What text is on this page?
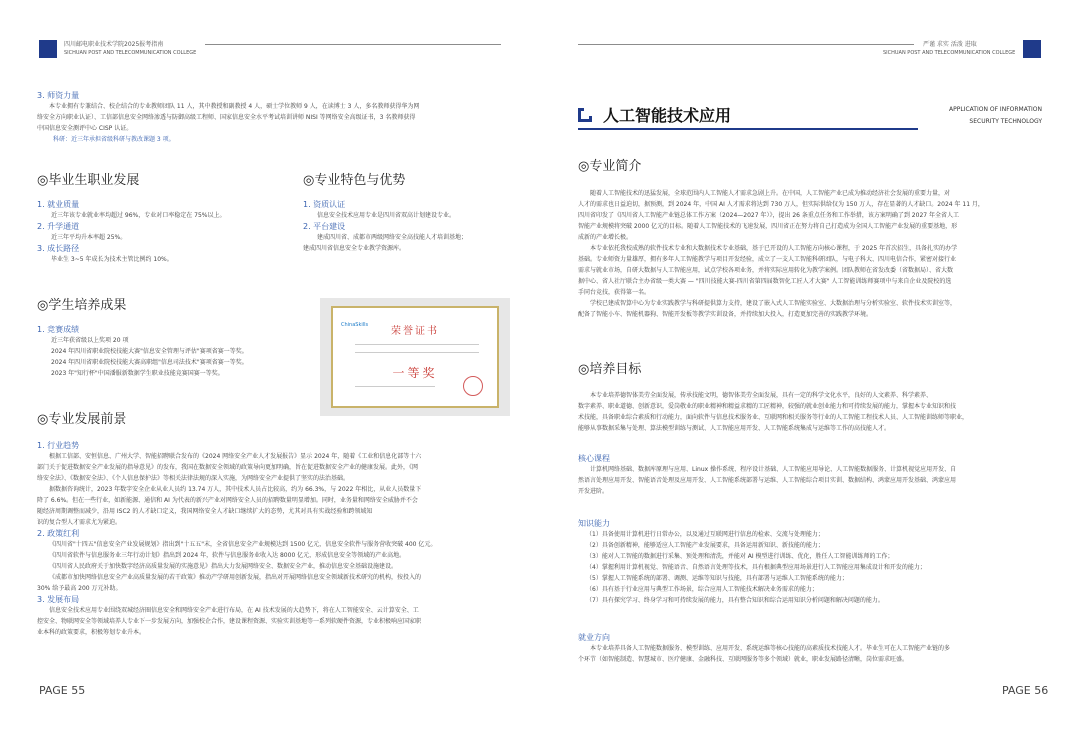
四川邮电职业技术学院2025报考指南
SICHUAN POST AND TELECOMMUNICATION COLLEGE
3. 师资力量
本专业拥有专兼结合、校企结合的专业教师团队 11 人，其中教授和副教授 4 人，硕士学位教师 9 人，在读博士 3 人，多名教师获得华为网
络安全方向职业认证）、工信部信息安全网络渗透与防御高级工程师、国家信息安全水平考试培训讲师 NISI 等网络安全高级证书，3 名教师获得
中国信息安全测评中心 CISP 认证。
科研：近三年承担省级科研与教改课题 3 项。
◎毕业生职业发展
1. 就业质量
近三年该专业就业率均超过 96%，专业对口率稳定在 75%以上。
2. 升学通道
近三年平均升本率超 25%。
3. 成长路径
毕业生 3~5 年成长为技术主管比例约 10%。
◎专业特色与优势
1. 资质认证
信息安全技术应用专业是四川省双高计划建设专业。
2. 平台建设
建成四川省、成都市两级网络安全高技能人才培训基地；
建成四川省信息安全专业教学资源库。
◎学生培养成果
1. 竞赛成绩
近三年获省级以上奖项 20 项
2024 年四川省职业院校技能大赛"信息安全管理与评估"赛项省赛一等奖。
2024 年四川省职业院校技能大赛高职组"信息司法技术"赛项省赛一等奖。
2023 年"知行杯"中国潘服新数据学生职业技能竞赛国赛一等奖。
ChinaSkills
荣誉证书
一等奖
◎专业发展前景
1. 行业趋势
根据工信部、安恒信息、广州大学、智能招聘联合发布的《2024 网络安全产业人才发展报告》显示 2024 年，随着《工业和信息化部等十六
部门关于促进数据安全产业发展的指导意见》的发布，我国在数据安全领域的政策导向更加明确，旨在促进数据安全产业的健康发展。此外，《网
络安全法》、《数据安全法》、《个人信息保护法》等相关法律法规的深入实施，为网络安全产业提供了坚实的法治基础。
据数据咨询统计，2023 年数字安全企业从业人员约 13.74 万人，其中技术人员占比较高，约为 66.3%，与 2022 年相比，从业人员数量下
降了 6.6%。但在一些行业，如新能源、通信和 AI 为代表的新兴产业对网络安全人员的招聘数量明显增加。同时，业务量和网络安全威胁并不会
随经济周期调整而减少，沿用 ISC2 的人才缺口定义，我国网络安全人才缺口继续扩大的态势，尤其对具有实战经验和跨领域知
识的复合型人才需求尤为紧迫。
2. 政策红利
《四川省"十四五"信息安全产业发展规划》指出到"十五五"末，全省信息安全产业规模达到 1500 亿元，信息安全软件与服务营收突破 400 亿元。
《四川省软件与信息服务业三年行动计划》指出到 2024 年，软件与信息服务业收入达 8000 亿元，形成信息安全等领域的产业高地。
《四川省人民政府关于加快数字经济高质量发展的实施意见》指出大力发展网络安全、数据安全产业，推动信息安全基础设施建设。
《成都市加快网络信息安全产业高质量发展的若干政策》推动产学研用创新发展，指出对开展网络信息安全领域新技术研究的机构，按投入的
30% 给予最高 200 万元补助。
3. 发展布局
信息安全技术应用专业围绕双城经济圈信息安全和网络安全产业进行布局，在 AI 技术发展的大趋势下，将在人工智能安全、云计算安全、工
控安全、物联网安全等领域培养人专业下一步发展方向，加强校企合作，建设课程资源、实验实训基地等一系列软硬件资源，专业积极响应国家职
业本科的政策要求，积极筹划专业升本。
PAGE 55
严谨 求实 活泼 进取
SICHUAN POST AND TELECOMMUNICATION COLLEGE
人工智能技术应用	APPLICATION OF INFORMATION
SECURITY TECHNOLOGY
◎专业简介
随着人工智能技术的迅猛发展，全球范围内人工智能人才需求急剧上升。在中国，人工智能产业已成为推动经济社会发展的重要力量，对
人才的需求也日益迫切，据预测，到 2024 年，中国 AI 人才需求将达到 730 万人，但实际供给仅为 150 万人，存在显著的人才缺口。2024 年 11 月，
四川省印发了《四川省人工智能产业链总体工作方案（2024—2027 年）》，提出 26 条重点任务和工作举措，该方案明确了到 2027 年全省人工
智能产业规模将突破 2000 亿元的目标。随着人工智能技术的飞速发展，四川省正在努力将自己打造成为全国人工智能产业发展的重要基地，形
成新的产业增长极。
本专业依托我校成熟的软件技术专业和大数据技术专业基础，基于已开设的人工智能方向核心课程，于 2025 年首次招生，具备扎实的办学
基础。专业师资力量雄厚，拥有多年人工智能教学与项目开发经验，成立了一支人工智能科研团队，与电子科大、四川电信合作，紧密对接行业
需求与就业市场，自研大数据与人工智能应用，试点学校各项业务，并将实际应用转化为教学案例。团队教师在省发改委（省数据局）、省大数
据中心、省人社厅联合主办省级一类大赛 — "四川技能大赛-四川省第四届数智化工匠人才大赛" 人工智能训练师赛项中与来自企业及院校的选
手同台竞技，获得第一名。
学校已建成智算中心为专业实践教学与科研提供算力支持，建设了嵌入式人工智能实验室、大数据治理与分析实验室、软件技术实训室等，
配备了智能小车、智能机器狗、智能开发板等教学实训设备，并持续加大投入，打造更加完善的实践教学环境。
◎培养目标
本专业培养德智体美劳全面发展，传承技能文明，德智体美劳全面发展，具有一定的科学文化水平，良好的人文素养、科学素养、
数字素养、职业道德、创新意识，爱岗敬业的职业精神和精益求精的工匠精神，较强的就业创业能力和可持续发展的能力，掌握本专业知识和技
术技能，具备职业综合素质和行动能力，面向软件与信息技术服务业、互联网和相关服务等行业的人工智能工程技术人员、人工智能训练师等职业，
能够从事数据采集与处理、算法模型训练与测试、人工智能应用开发、人工智能系统集成与运维等工作的高技能人才。
核心课程
计算机网络基础、数据库原理与应用、Linux 操作系统、程序设计基础、人工智能应用导论、人工智能数据服务、计算机视觉应用开发、自
然语言处理应用开发、智能语音处理及应用开发、人工智能系统部署与运维、人工智能综合项目实训、数据结构、鸿蒙应用开发基础、鸿蒙应用
开发进阶。
知识能力
（1）具备使用计算机进行日常办公，以及通过互联网进行信息的检索、交流与处理能力；
（2）具备创新精神，能够适应人工智能产业发展要求，具备运用新知识、新技能的能力；
（3）能对人工智能的数据进行采集、预处理和清洗，并能对 AI 模型进行训练、优化，胜任人工智能训练师的工作；
（4）掌握利用计算机视觉、智能语音、自然语言处理等技术，具有根据典型应用场景进行人工智能应用集成设计和开发的能力；
（5）掌握人工智能系统的部署、调测、运维等知识与技能，具有部署与运维人工智能系统的能力；
（6）具有基于行业应用与典型工作场景，综合应用人工智能技术解决业务需求的能力；
（7）具有探究学习、终身学习和可持续发展的能力，具有整合知识和综合运用知识分析问题和解决问题的能力。
就业方向
本专业培养具备人工智能数据服务、模型训练、应用开发、系统运维等核心技能的高素质技术技能人才。毕业生可在人工智能产业链的多
个环节（如智能制造、智慧城市、医疗健康、金融科技、互联网服务等多个领域）就业，职业发展路径清晰，岗位需求旺盛。
PAGE 56
